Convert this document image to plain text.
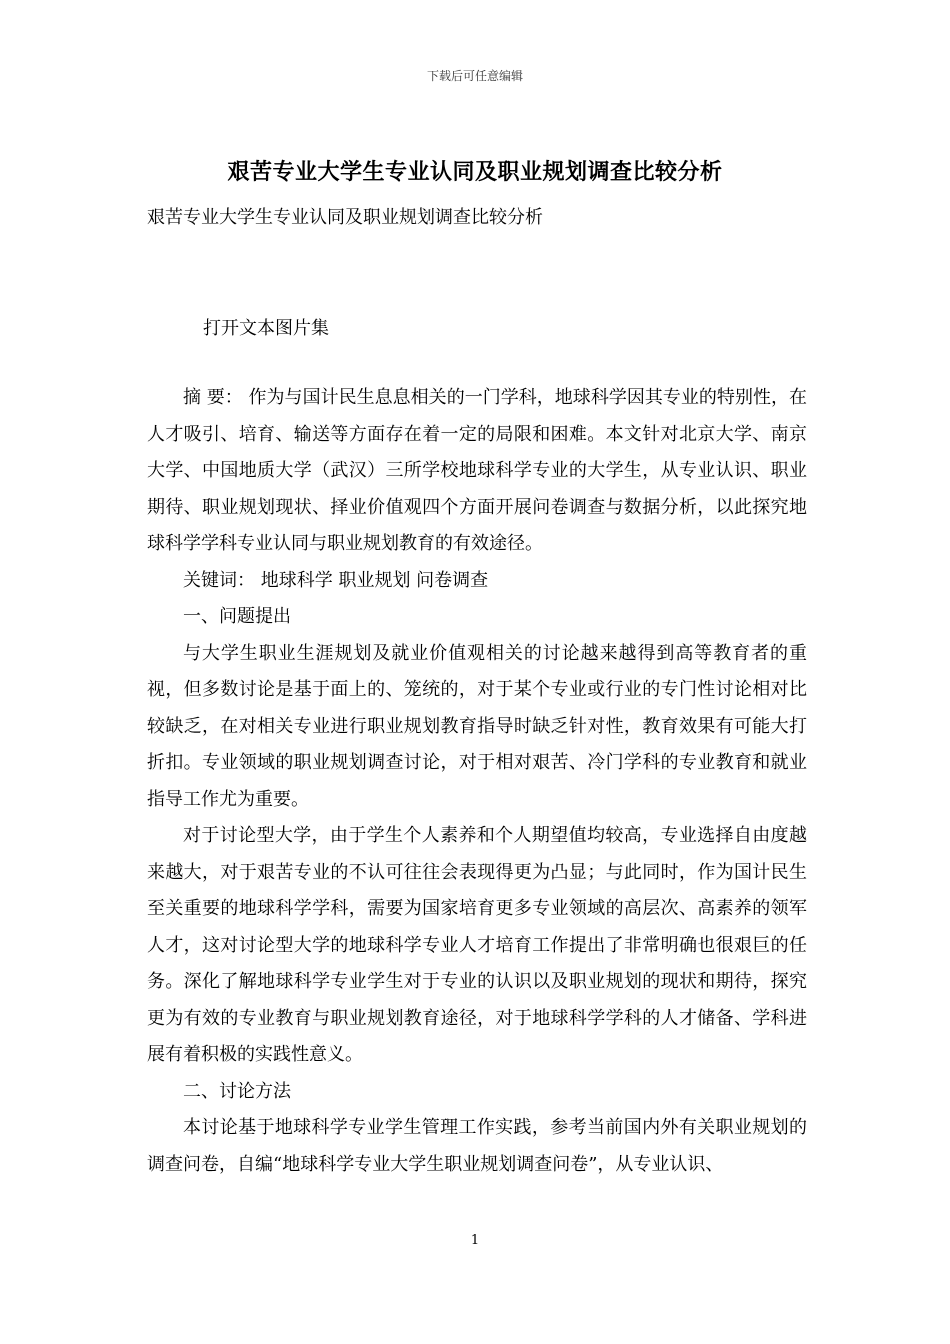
下载后可任意编辑
艰苦专业大学生专业认同及职业规划调查比较分析
艰苦专业大学生专业认同及职业规划调查比较分析
打开文本图片集

摘 要： 作为与国计民生息息相关的一门学科，地球科学因其专业的特别性，在人才吸引、培育、输送等方面存在着一定的局限和困难。本文针对北京大学、南京大学、中国地质大学（武汉）三所学校地球科学专业的大学生，从专业认识、职业期待、职业规划现状、择业价值观四个方面开展问卷调查与数据分析，以此探究地球科学学科专业认同与职业规划教育的有效途径。

关键词： 地球科学 职业规划 问卷调查

一、问题提出

与大学生职业生涯规划及就业价值观相关的讨论越来越得到高等教育者的重视，但多数讨论是基于面上的、笼统的，对于某个专业或行业的专门性讨论相对比较缺乏，在对相关专业进行职业规划教育指导时缺乏针对性，教育效果有可能大打折扣。专业领域的职业规划调查讨论，对于相对艰苦、冷门学科的专业教育和就业指导工作尤为重要。

对于讨论型大学，由于学生个人素养和个人期望值均较高，专业选择自由度越来越大，对于艰苦专业的不认可往往会表现得更为凸显；与此同时，作为国计民生至关重要的地球科学学科，需要为国家培育更多专业领域的高层次、高素养的领军人才，这对讨论型大学的地球科学专业人才培育工作提出了非常明确也很艰巨的任务。深化了解地球科学专业学生对于专业的认识以及职业规划的现状和期待，探究更为有效的专业教育与职业规划教育途径，对于地球科学学科的人才储备、学科进展有着积极的实践性意义。

二、讨论方法

本讨论基于地球科学专业学生管理工作实践，参考当前国内外有关职业规划的调查问卷，自编“地球科学专业大学生职业规划调查问卷”，从专业认识、

1
